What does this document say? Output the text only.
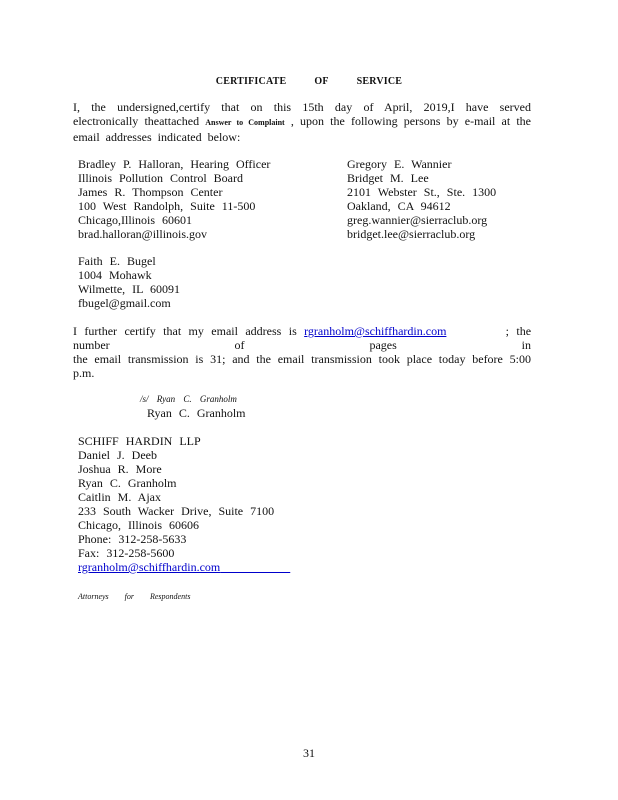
CERTIFICATE	OF	SERVICE
I, the undersigned,certify that on this 15th day of April, 2019,I have served
electronically theattached Answer to Complaint , upon the following persons by e-mail at the
email addresses indicated below:
Bradley P. Halloran, Hearing Officer
Illinois Pollution Control Board
James R. Thompson Center
100 West Randolph, Suite 11-500
Chicago,Illinois 60601
brad.halloran@illinois.gov
Gregory E. Wannier
Bridget M. Lee
2101 Webster St., Ste. 1300
Oakland, CA 94612
greg.wannier@sierraclub.org
bridget.lee@sierraclub.org
Faith E. Bugel
1004 Mohawk
Wilmette, IL 60091
fbugel@gmail.com
I further certify that my email address is rgranholm@schiffhardin.com	; the number of pages in
the email transmission is 31; and the email transmission took place today before 5:00 p.m.
/s/ Ryan C. Granholm
Ryan C. Granholm
SCHIFF HARDIN LLP
Daniel J. Deeb
Joshua R. More
Ryan C. Granholm
Caitlin M. Ajax
233 South Wacker Drive, Suite 7100
Chicago, Illinois 60606
Phone: 312-258-5633
Fax: 312-258-5600
rgranholm@schiffhardin.com
Attorneys for Respondents
31
